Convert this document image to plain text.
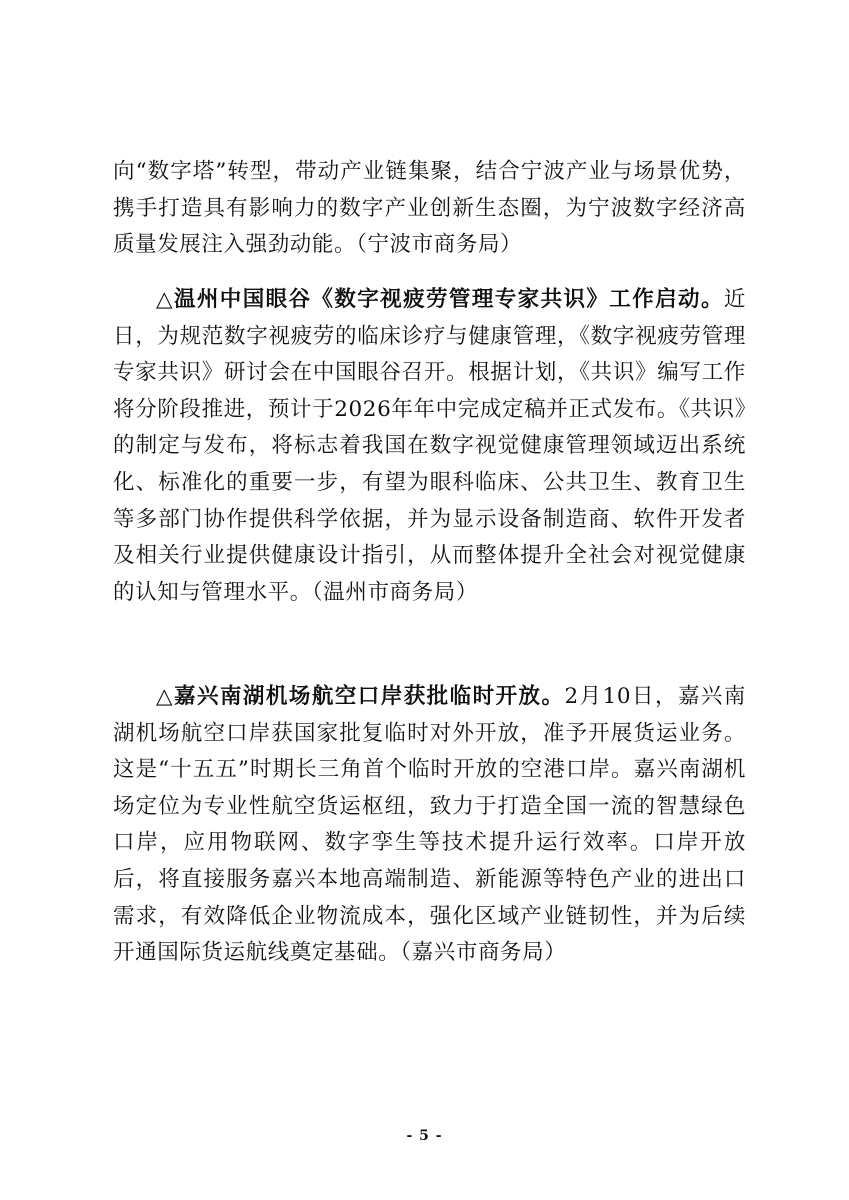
向“数字塔”转型，带动产业链集聚，结合宁波产业与场景优势，携手打造具有影响力的数字产业创新生态圈，为宁波数字经济高质量发展注入强劲动能。（宁波市商务局）

△温州中国眼谷《数字视疲劳管理专家共识》工作启动。近日，为规范数字视疲劳的临床诊疗与健康管理，《数字视疲劳管理专家共识》研讨会在中国眼谷召开。根据计划，《共识》编写工作将分阶段推进，预计于2026年年中完成定稿并正式发布。《共识》的制定与发布，将标志着我国在数字视觉健康管理领域迈出系统化、标准化的重要一步，有望为眼科临床、公共卫生、教育卫生等多部门协作提供科学依据，并为显示设备制造商、软件开发者及相关行业提供健康设计指引，从而整体提升全社会对视觉健康的认知与管理水平。（温州市商务局）

△嘉兴南湖机场航空口岸获批临时开放。2月10日，嘉兴南湖机场航空口岸获国家批复临时对外开放，准予开展货运业务。这是“十五五”时期长三角首个临时开放的空港口岸。嘉兴南湖机场定位为专业性航空货运枢纽，致力于打造全国一流的智慧绿色口岸，应用物联网、数字孪生等技术提升运行效率。口岸开放后，将直接服务嘉兴本地高端制造、新能源等特色产业的进出口需求，有效降低企业物流成本，强化区域产业链韧性，并为后续开通国际货运航线奠定基础。（嘉兴市商务局）

- 5 -
